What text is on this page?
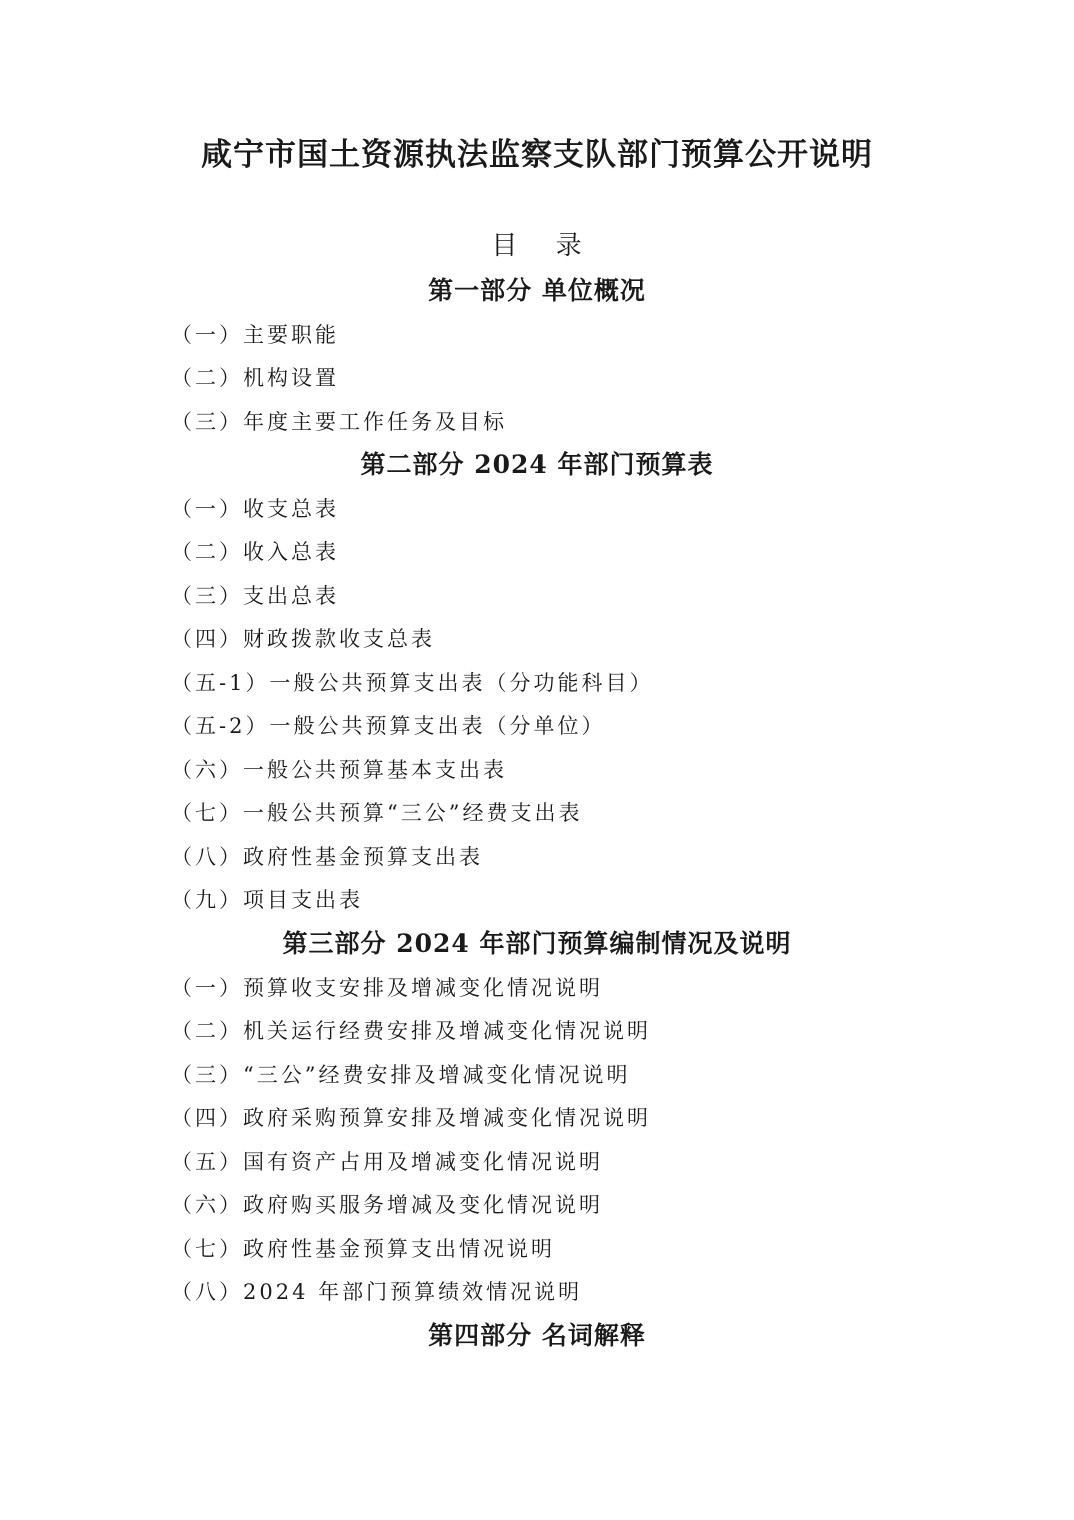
咸宁市国土资源执法监察支队部门预算公开说明
目 录
第一部分 单位概况
（一）主要职能
（二）机构设置
（三）年度主要工作任务及目标
第二部分 2024 年部门预算表
（一）收支总表
（二）收入总表
（三）支出总表
（四）财政拨款收支总表
（五-1）一般公共预算支出表（分功能科目）
（五-2）一般公共预算支出表（分单位）
（六）一般公共预算基本支出表
（七）一般公共预算“三公”经费支出表
（八）政府性基金预算支出表
（九）项目支出表
第三部分 2024 年部门预算编制情况及说明
（一）预算收支安排及增减变化情况说明
（二）机关运行经费安排及增减变化情况说明
（三）“三公”经费安排及增减变化情况说明
（四）政府采购预算安排及增减变化情况说明
（五）国有资产占用及增减变化情况说明
（六）政府购买服务增减及变化情况说明
（七）政府性基金预算支出情况说明
（八）2024 年部门预算绩效情况说明
第四部分 名词解释
